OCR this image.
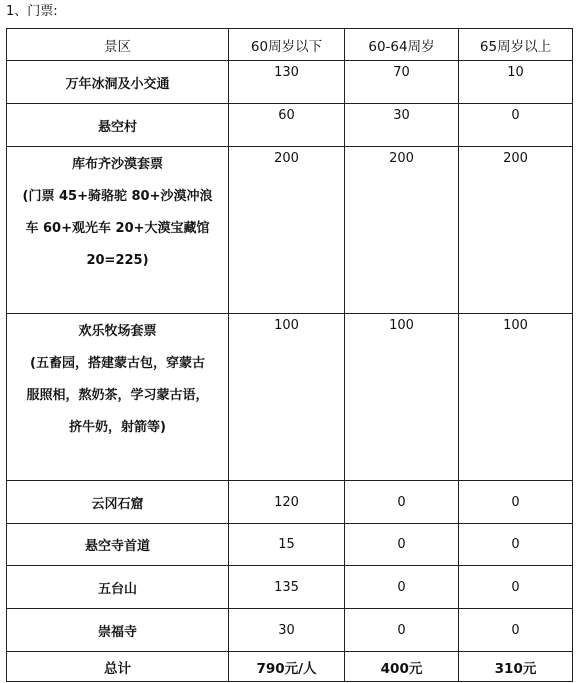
1、门票:
景区	60周岁以下	60-64周岁	65周岁以上
万年冰洞及小交通	130	70	10

悬空村	60	30	0

库布齐沙漠套票
(门票 45+骑骆驼 80+沙漠冲浪
车 60+观光车 20+大漠宝藏馆
20=225)	200	200	200

欢乐牧场套票
(五畜园，搭建蒙古包，穿蒙古
服照相，熬奶茶，学习蒙古语，
挤牛奶，射箭等)	100	100	100

云冈石窟	120	0	0
悬空寺首道	15	0	0
五台山	135	0	0
崇福寺	30	0	0
总计	790元/人	400元	310元
